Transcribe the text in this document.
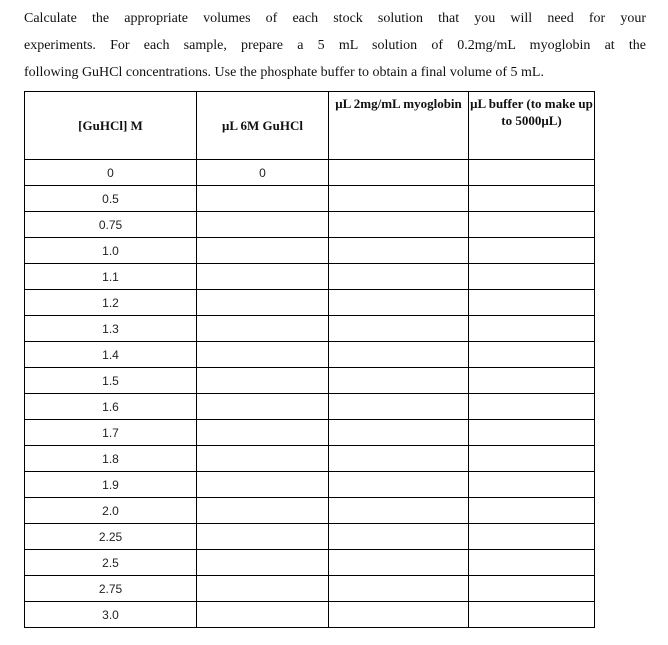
Calculate the appropriate volumes of each stock solution that you will need for your
experiments. For each sample, prepare a 5 mL solution of 0.2mg/mL myoglobin at the
following GuHCl concentrations. Use the phosphate buffer to obtain a final volume of 5 mL.
[GuHCl] M	μL 6M GuHCl	μL 2mg/mL myoglobin	μL buffer (to make up to 5000μL)
0	0		
0.5			
0.75			
1.0			
1.1			
1.2			
1.3			
1.4			
1.5			
1.6			
1.7			
1.8			
1.9			
2.0			
2.25			
2.5			
2.75			
3.0			
